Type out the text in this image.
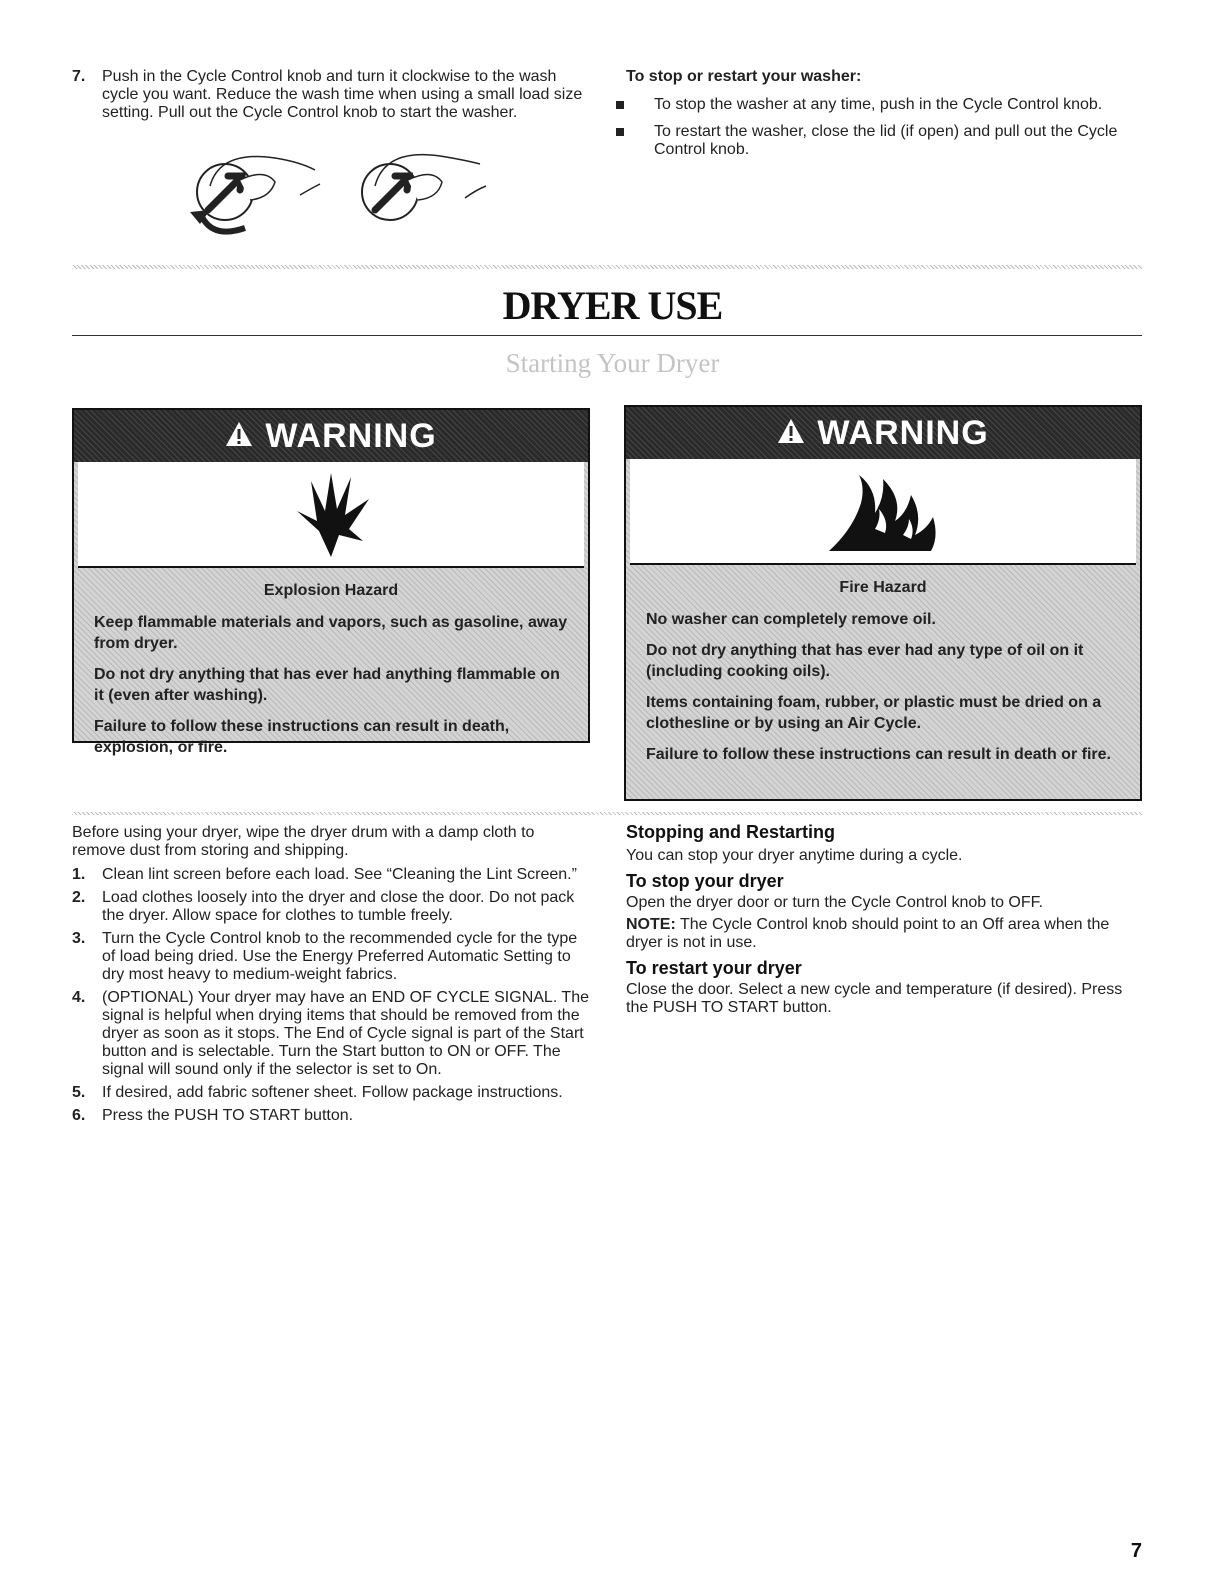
7.	Push in the Cycle Control knob and turn it clockwise to the wash cycle you want. Reduce the wash time when using a small load size setting. Pull out the Cycle Control knob to start the washer.

To stop or restart your washer:

To stop the washer at any time, push in the Cycle Control knob.
To restart the washer, close the lid (if open) and pull out the Cycle Control knob.
DRYER USE
Starting Your Dryer
WARNING

Explosion Hazard

Keep flammable materials and vapors, such as gasoline, away from dryer.

Do not dry anything that has ever had anything flammable on it (even after washing).

Failure to follow these instructions can result in death, explosion, or fire.

WARNING

Fire Hazard

No washer can completely remove oil.

Do not dry anything that has ever had any type of oil on it (including cooking oils).

Items containing foam, rubber, or plastic must be dried on a clothesline or by using an Air Cycle.

Failure to follow these instructions can result in death or fire.

Before using your dryer, wipe the dryer drum with a damp cloth to remove dust from storing and shipping.

1.	Clean lint screen before each load. See “Cleaning the Lint Screen.”
2.	Load clothes loosely into the dryer and close the door. Do not pack the dryer. Allow space for clothes to tumble freely.
3.	Turn the Cycle Control knob to the recommended cycle for the type of load being dried. Use the Energy Preferred Automatic Setting to dry most heavy to medium-weight fabrics.
4.	(OPTIONAL) Your dryer may have an END OF CYCLE SIGNAL. The signal is helpful when drying items that should be removed from the dryer as soon as it stops. The End of Cycle signal is part of the Start button and is selectable. Turn the Start button to ON or OFF. The signal will sound only if the selector is set to On.
5.	If desired, add fabric softener sheet. Follow package instructions.
6.	Press the PUSH TO START button.

Stopping and Restarting

You can stop your dryer anytime during a cycle.

To stop your dryer

Open the dryer door or turn the Cycle Control knob to OFF.

NOTE: The Cycle Control knob should point to an Off area when the dryer is not in use.

To restart your dryer

Close the door. Select a new cycle and temperature (if desired). Press the PUSH TO START button.

7
